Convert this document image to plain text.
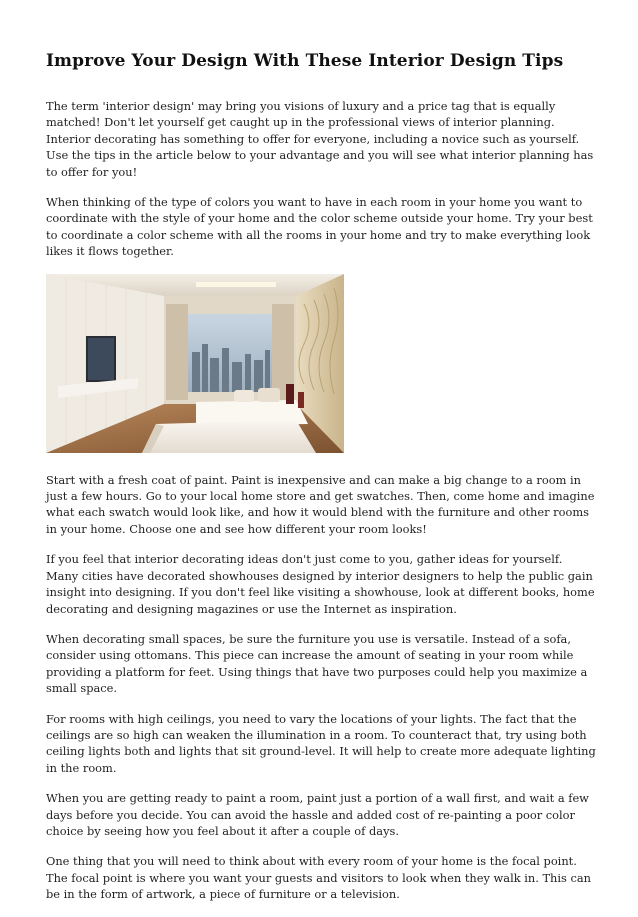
Improve Your Design With These Interior Design Tips

The term 'interior design' may bring you visions of luxury and a price tag that is equally matched! Don't let yourself get caught up in the professional views of interior planning. Interior decorating has something to offer for everyone, including a novice such as yourself. Use the tips in the article below to your advantage and you will see what interior planning has to offer for you!

When thinking of the type of colors you want to have in each room in your home you want to coordinate with the style of your home and the color scheme outside your home. Try your best to coordinate a color scheme with all the rooms in your home and try to make everything look likes it flows together.

Start with a fresh coat of paint. Paint is inexpensive and can make a big change to a room in just a few hours. Go to your local home store and get swatches. Then, come home and imagine what each swatch would look like, and how it would blend with the furniture and other rooms in your home. Choose one and see how different your room looks!

If you feel that interior decorating ideas don't just come to you, gather ideas for yourself. Many cities have decorated showhouses designed by interior designers to help the public gain insight into designing. If you don't feel like visiting a showhouse, look at different books, home decorating and designing magazines or use the Internet as inspiration.

When decorating small spaces, be sure the furniture you use is versatile. Instead of a sofa, consider using ottomans. This piece can increase the amount of seating in your room while providing a platform for feet. Using things that have two purposes could help you maximize a small space.

For rooms with high ceilings, you need to vary the locations of your lights. The fact that the ceilings are so high can weaken the illumination in a room. To counteract that, try using both ceiling lights both and lights that sit ground-level. It will help to create more adequate lighting in the room.

When you are getting ready to paint a room, paint just a portion of a wall first, and wait a few days before you decide. You can avoid the hassle and added cost of re-painting a poor color choice by seeing how you feel about it after a couple of days.

One thing that you will need to think about with every room of your home is the focal point. The focal point is where you want your guests and visitors to look when they walk in. This can be in the form of artwork, a piece of furniture or a television.
